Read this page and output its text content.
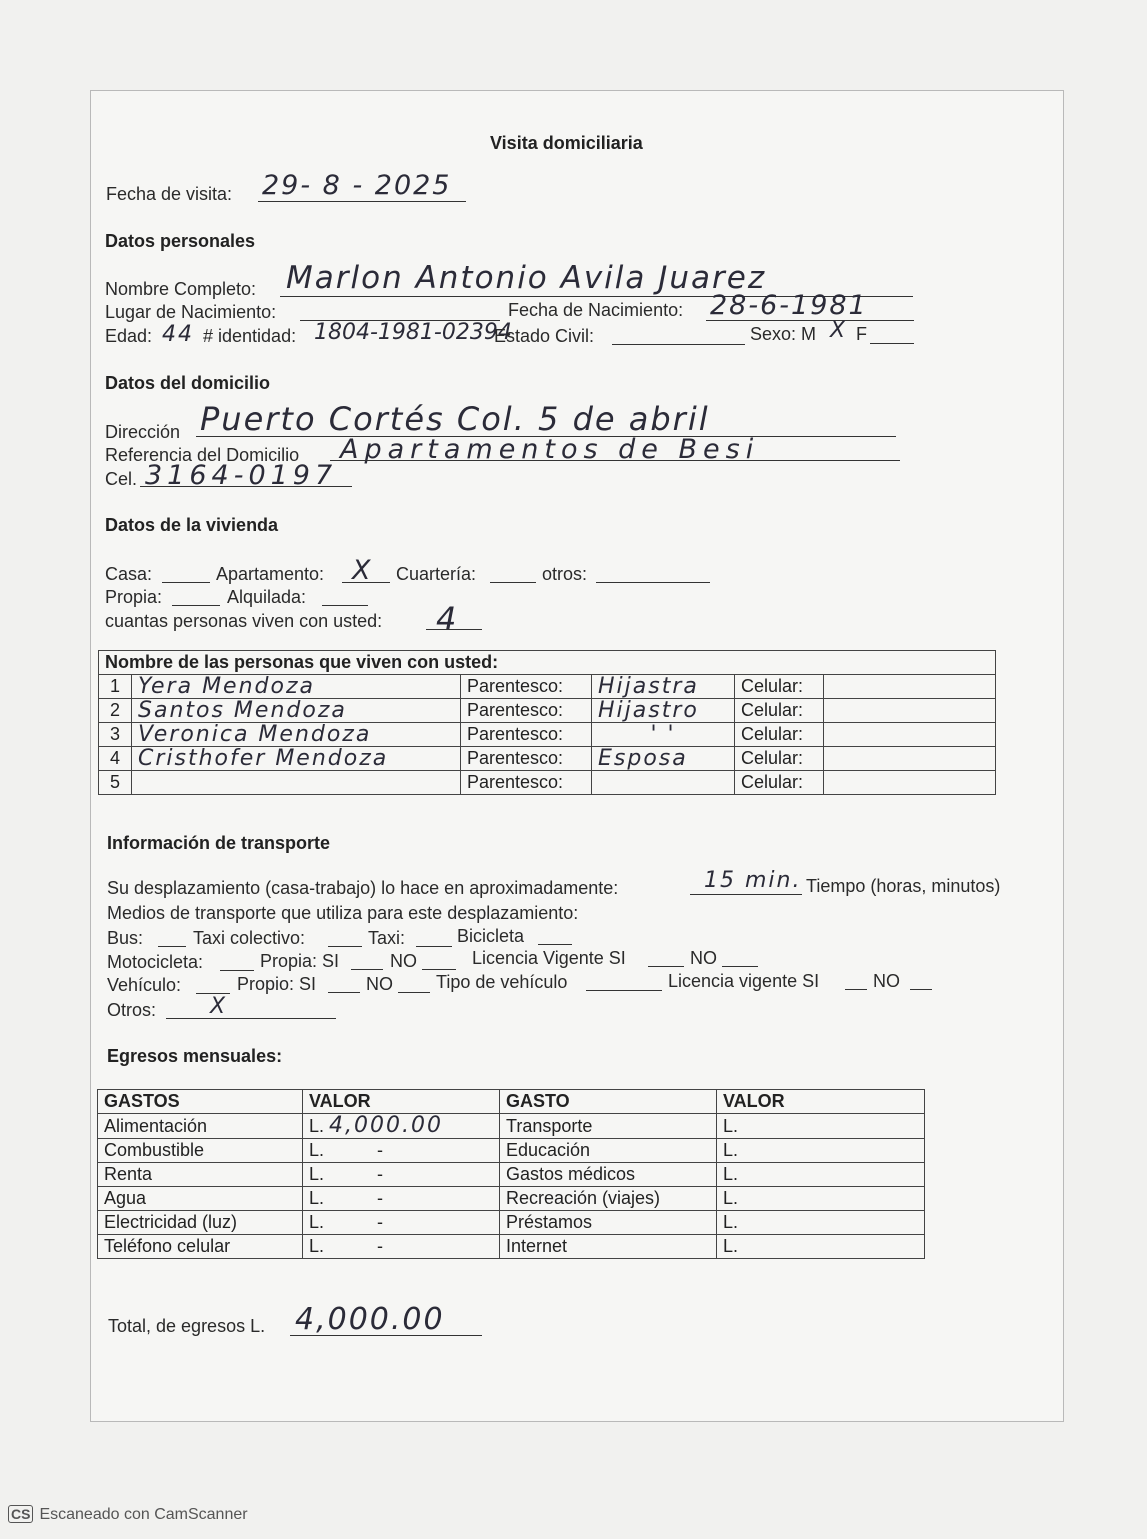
Visita domiciliaria
Fecha de visita: 29- 8 - 2025
Datos personales
Nombre Completo: Marlon Antonio Avila Juarez
Lugar de Nacimiento:	Fecha de Nacimiento: 28-6-1981
Edad: 44 # identidad: 1804-1981-02394
Estado Civil:	Sexo: M X F
Datos del domicilio
Dirección Puerto Cortés Col. 5 de abril
Referencia del Domicilio Apartamentos de Besi
Cel. 3164-0197
Datos de la vivienda
Casa:	Apartamento: X Cuartería:	otros:
Propia:	Alquilada:
cuantas personas viven con usted: 4
Nombre de las personas que viven con usted:					
1	Yera Mendoza	Parentesco:	Hijastra	Celular:	
2	Santos Mendoza	Parentesco:	Hijastro	Celular:	
3	Veronica Mendoza	Parentesco:	' '	Celular:	
4	Cristhofer Mendoza	Parentesco:	Esposa	Celular:	
5		Parentesco:		Celular:	
Información de transporte
Su desplazamiento (casa-trabajo) lo hace en aproximadamente:	15 min. Tiempo (horas, minutos)
Medios de transporte que utiliza para este desplazamiento:
Bus:	Taxi colectivo:	Taxi:	Bicicleta
Motocicleta:	Propia: SI	NO	Licencia Vigente SI	NO
Vehículo:	Propio: SI	NO Tipo de vehículo	Licencia vigente SI	NO
Otros: X
Egresos mensuales:
GASTOS	VALOR	GASTO	VALOR
Alimentación	L. 4,000.00	Transporte	L.
Combustible	L. -	Educación	L.
Renta	L. -	Gastos médicos	L.
Agua	L. -	Recreación (viajes)	L.
Electricidad (luz)	L. -	Préstamos	L.
Teléfono celular	L. -	Internet	L.
Total, de egresos L. 4,000.00
CS Escaneado con CamScanner
